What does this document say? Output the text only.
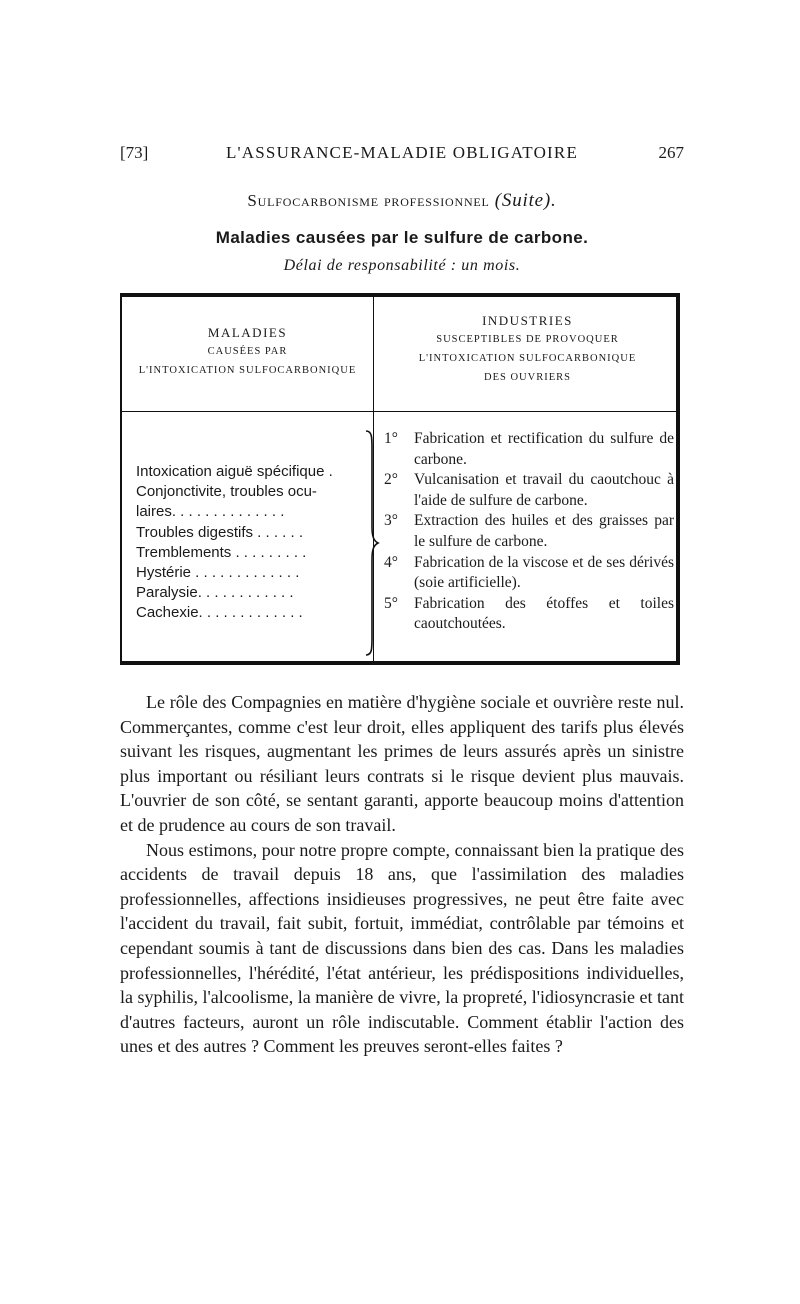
[73]	L'ASSURANCE-MALADIE OBLIGATOIRE	267
Sulfocarbonisme professionnel (Suite).
Maladies causées par le sulfure de carbone.
Délai de responsabilité : un mois.
MALADIES
CAUSÉES PAR
L'INTOXICATION SULFOCARBONIQUE
INDUSTRIES
SUSCEPTIBLES DE PROVOQUER
L'INTOXICATION SULFOCARBONIQUE
DES OUVRIERS
Intoxication aiguë spécifique .
Conjonctivite, troubles ocu-
laires. . . . . . . . . . . . . .
Troubles digestifs . . . . . .
Tremblements . . . . . . . . .
Hystérie . . . . . . . . . . . . .
Paralysie. . . . . . . . . . . .
Cachexie. . . . . . . . . . . . .
1° Fabrication et rectification du sulfure de carbone.
2° Vulcanisation et travail du caoutchouc à l'aide de sulfure de carbone.
3° Extraction des huiles et des graisses par le sulfure de carbone.
4° Fabrication de la viscose et de ses dérivés (soie artificielle).
5° Fabrication des étoffes et toiles caoutchoutées.

Le rôle des Compagnies en matière d'hygiène sociale et ouvrière reste nul. Commerçantes, comme c'est leur droit, elles appliquent des tarifs plus élevés suivant les risques, augmentant les primes de leurs assurés après un sinistre plus important ou résiliant leurs contrats si le risque devient plus mauvais. L'ouvrier de son côté, se sentant garanti, apporte beaucoup moins d'attention et de prudence au cours de son travail.

Nous estimons, pour notre propre compte, connaissant bien la pratique des accidents de travail depuis 18 ans, que l'assimilation des maladies professionnelles, affections insidieuses progressives, ne peut être faite avec l'accident du travail, fait subit, fortuit, immédiat, contrôlable par témoins et cependant soumis à tant de discussions dans bien des cas. Dans les maladies professionnelles, l'hérédité, l'état antérieur, les prédispositions individuelles, la syphilis, l'alcoolisme, la manière de vivre, la propreté, l'idiosyncrasie et tant d'autres facteurs, auront un rôle indiscutable. Comment établir l'action des unes et des autres ? Comment les preuves seront-elles faites ?
